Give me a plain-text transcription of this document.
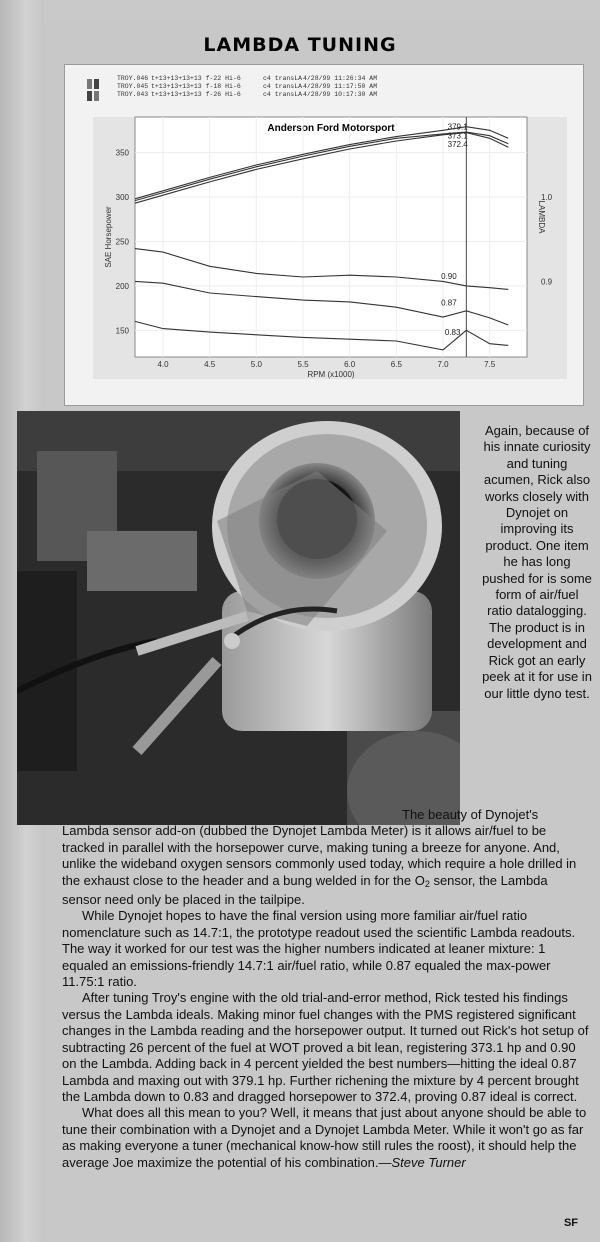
LAMBDA TUNING
TROY.046 t+13+13+13+13 f-22 Hi-6	c4 transLA4/28/99 11:26:34 AM
TROY.045 t+13+13+13+13 f-18 Hi-6	c4 transLA4/28/99 11:17:50 AM
TROY.043 t+13+13+13+13 f-26 Hi-6	c4 transLA4/28/99 10:17:30 AM
Anderson Ford Motorsport
4.0	4.5	5.0	5.5	6.0	6.5	7.0	7.5
RPM (x1000)
150
200
250
300
350
SAE Horsepower
0.9
1.0
LAMBDA
379.1
373.1
372.4
0.90
0.87
0.83
Again, because of his innate curiosity and tuning acumen, Rick also works closely with Dynojet on improving its product. One item he has long pushed for is some form of air/fuel ratio datalogging. The product is in development and Rick got an early peek at it for use in our little dyno test.

The beauty of Dynojet's

Lambda sensor add-on (dubbed the Dynojet Lambda Meter) is it allows air/fuel to be tracked in parallel with the horsepower curve, making tuning a breeze for anyone. And, unlike the wideband oxygen sensors commonly used today, which require a hole drilled in the exhaust close to the header and a bung welded in for the $O_2$ sensor, the Lambda sensor need only be placed in the tailpipe.

While Dynojet hopes to have the final version using more familiar air/fuel ratio nomenclature such as 14.7:1, the prototype readout used the scientific Lambda readouts. The way it worked for our test was the higher numbers indicated at leaner mixture: 1 equaled an emissions-friendly 14.7:1 air/fuel ratio, while 0.87 equaled the max-power 11.75:1 ratio.

After tuning Troy's engine with the old trial-and-error method, Rick tested his findings versus the Lambda ideals. Making minor fuel changes with the PMS registered significant changes in the Lambda reading and the horsepower output. It turned out Rick's hot setup of subtracting 26 percent of the fuel at WOT proved a bit lean, registering 373.1 hp and 0.90 on the Lambda. Adding back in 4 percent yielded the best numbers—hitting the ideal 0.87 Lambda and maxing out with 379.1 hp. Further richening the mixture by 4 percent brought the Lambda down to 0.83 and dragged horsepower to 372.4, proving 0.87 ideal is correct.

What does all this mean to you? Well, it means that just about anyone should be able to tune their combination with a Dynojet and a Dynojet Lambda Meter. While it won't go as far as making everyone a tuner (mechanical know-how still rules the roost), it should help the average Joe maximize the potential of his combination.—Steve Turner

SF
